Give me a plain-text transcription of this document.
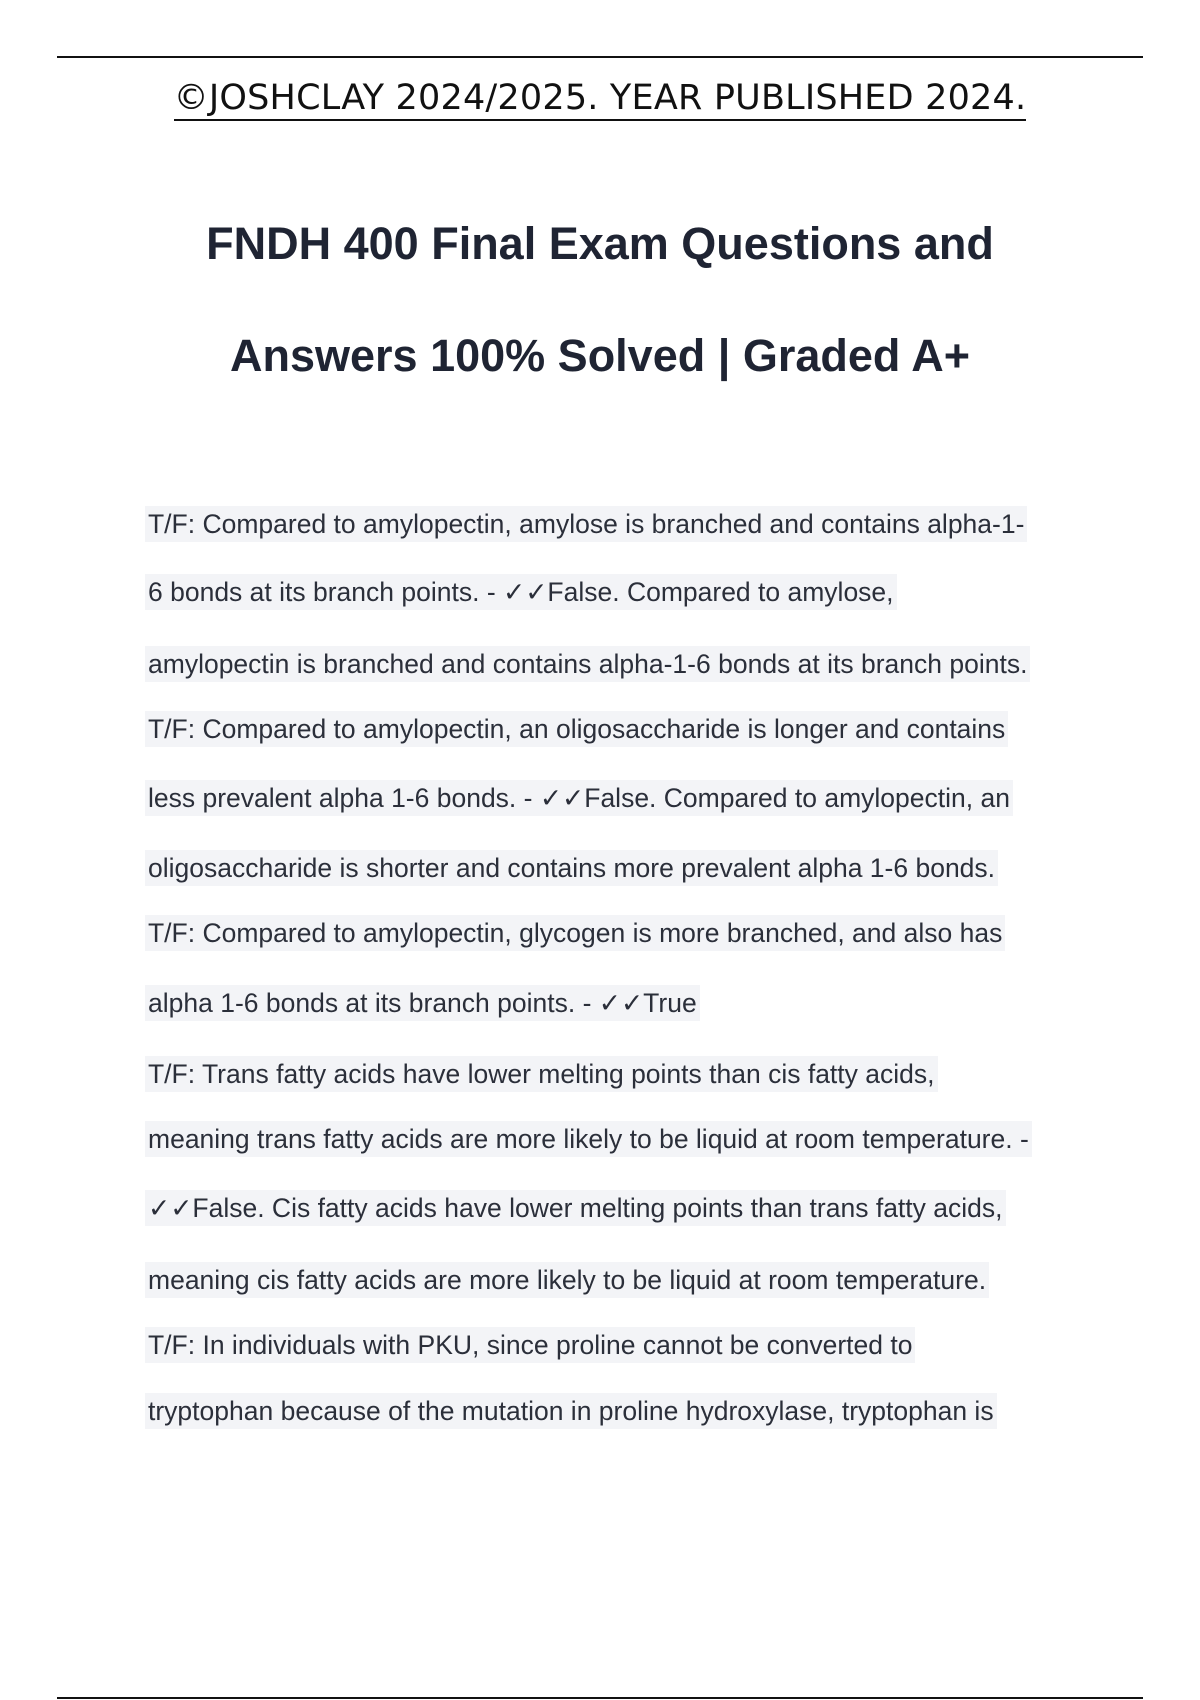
©JOSHCLAY 2024/2025. YEAR PUBLISHED 2024.
FNDH 400 Final Exam Questions and
Answers 100% Solved | Graded A+
T/F: Compared to amylopectin, amylose is branched and contains alpha-1-
6 bonds at its branch points. - ✓✓False. Compared to amylose,
amylopectin is branched and contains alpha-1-6 bonds at its branch points.
T/F: Compared to amylopectin, an oligosaccharide is longer and contains
less prevalent alpha 1-6 bonds. - ✓✓False. Compared to amylopectin, an
oligosaccharide is shorter and contains more prevalent alpha 1-6 bonds.
T/F: Compared to amylopectin, glycogen is more branched, and also has
alpha 1-6 bonds at its branch points. - ✓✓True
T/F: Trans fatty acids have lower melting points than cis fatty acids,
meaning trans fatty acids are more likely to be liquid at room temperature. -
✓✓False. Cis fatty acids have lower melting points than trans fatty acids,
meaning cis fatty acids are more likely to be liquid at room temperature.
T/F: In individuals with PKU, since proline cannot be converted to
tryptophan because of the mutation in proline hydroxylase, tryptophan is
